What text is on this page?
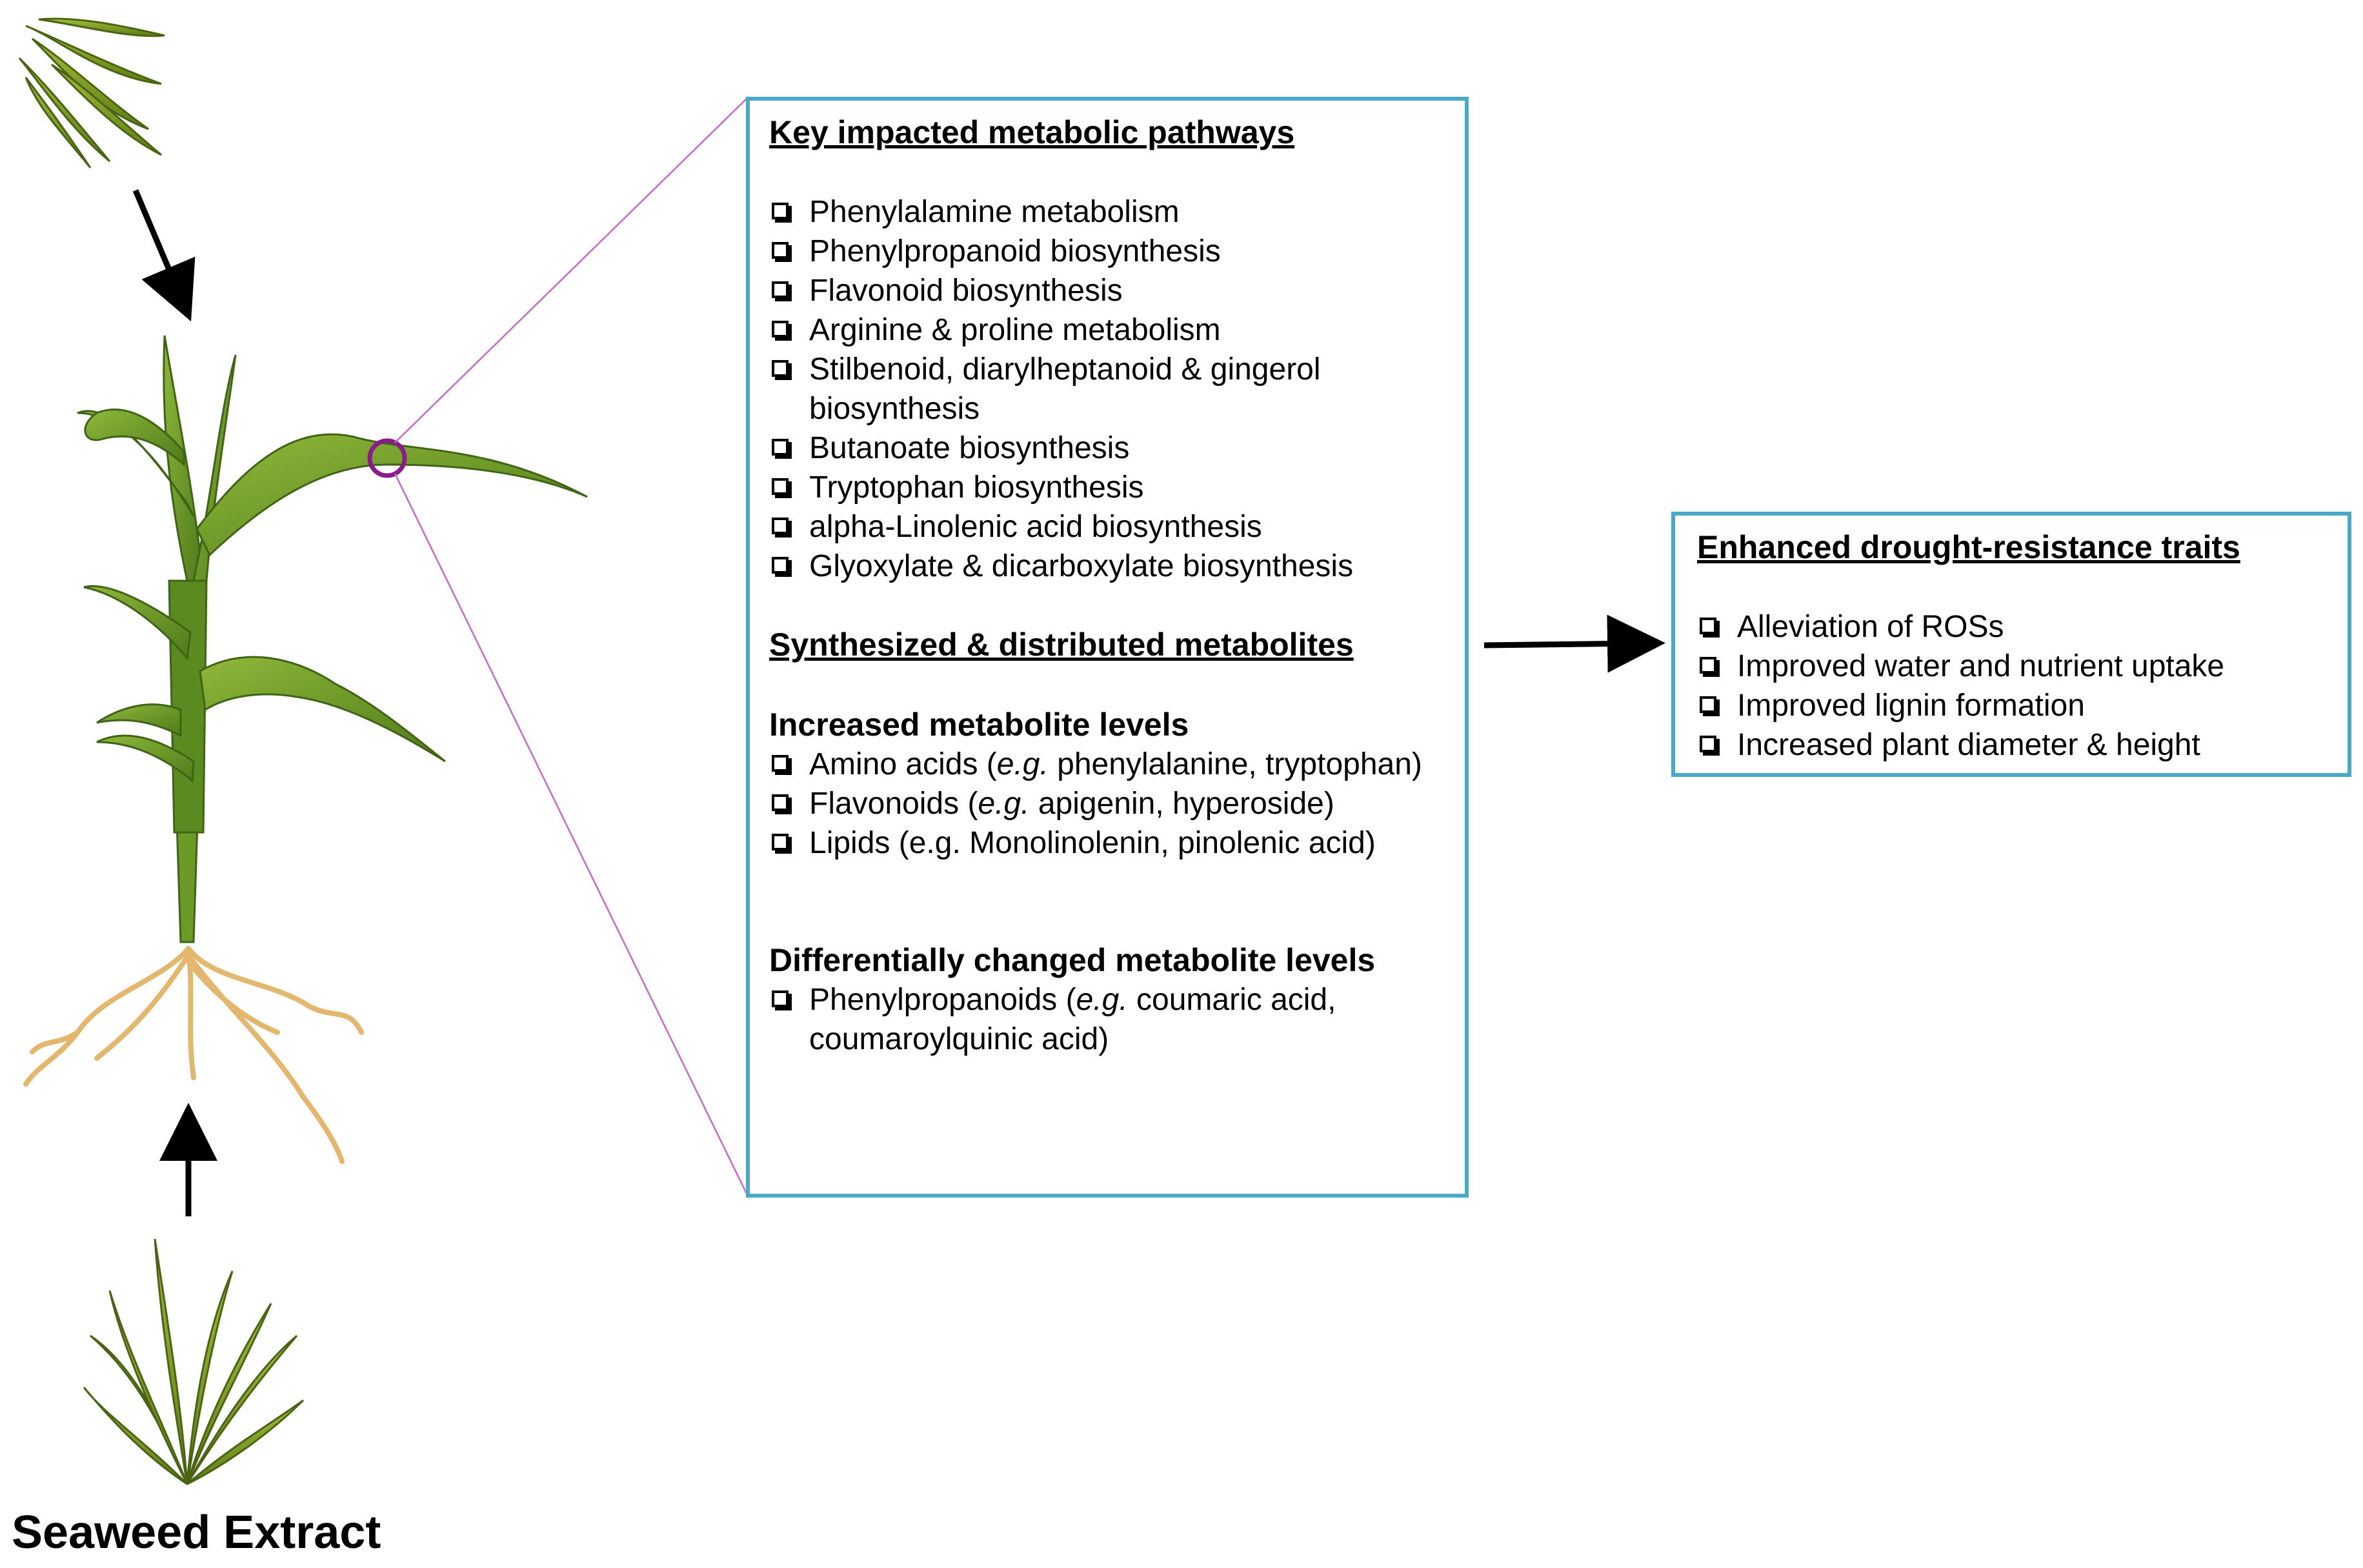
Key impacted metabolic pathways

Phenylalamine metabolism
Phenylpropanoid biosynthesis
Flavonoid biosynthesis
Arginine & proline metabolism
Stilbenoid, diarylheptanoid & gingerol biosynthesis
Butanoate biosynthesis
Tryptophan biosynthesis
alpha-Linolenic acid biosynthesis
Glyoxylate & dicarboxylate biosynthesis

Synthesized & distributed metabolites

Increased metabolite levels

Amino acids (e.g. phenylalanine, tryptophan)
Flavonoids (e.g. apigenin, hyperoside)
Lipids (e.g. Monolinolenin, pinolenic acid)

Differentially changed metabolite levels

Phenylpropanoids (e.g. coumaric acid, coumaroylquinic acid)

Enhanced drought-resistance traits

Alleviation of ROSs
Improved water and nutrient uptake
Improved lignin formation
Increased plant diameter & height
Seaweed Extract
